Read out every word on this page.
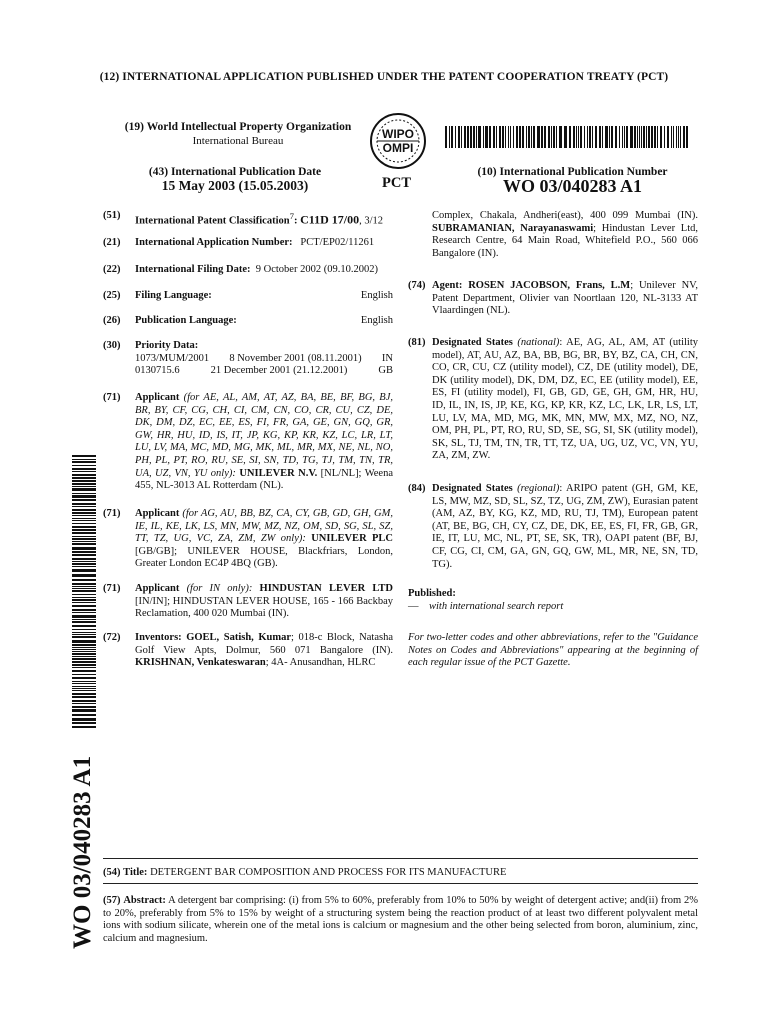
(12) INTERNATIONAL APPLICATION PUBLISHED UNDER THE PATENT COOPERATION TREATY (PCT)
(19) World Intellectual Property Organization
International Bureau	WIPO
OMPI
(43) International Publication Date
15 May 2003 (15.05.2003)	PCT
(10) International Publication Number
WO 03/040283 A1
(51) International Patent Classification$^7$: C11D 17/00, 3/12
(21) International Application Number: PCT/EP02/11261
(22) International Filing Date: 9 October 2002 (09.10.2002)
(25) Filing Language:	English
(26) Publication Language:	English
(30) Priority Data:
1073/MUM/2001 8 November 2001 (08.11.2001) IN
0130715.6	21 December 2001 (21.12.2001)	GB
(71) Applicant (for AE, AL, AM, AT, AZ, BA, BE, BF, BG, BJ, BR, BY, CF, CG, CH, CI, CM, CN, CO, CR, CU, CZ, DE, DK, DM, DZ, EC, EE, ES, FI, FR, GA, GE, GN, GQ, GR, GW, HR, HU, ID, IS, IT, JP, KG, KP, KR, KZ, LC, LR, LT, LU, LV, MA, MC, MD, MG, MK, ML, MR, MX, NE, NL, NO, PH, PL, PT, RO, RU, SE, SI, SN, TD, TG, TJ, TM, TN, TR, UA, UZ, VN, YU only): UNILEVER N.V. [NL/NL]; Weena 455, NL-3013 AL Rotterdam (NL).
(71) Applicant (for AG, AU, BB, BZ, CA, CY, GB, GD, GH, GM, IE, IL, KE, LK, LS, MN, MW, MZ, NZ, OM, SD, SG, SL, SZ, TT, TZ, UG, VC, ZA, ZM, ZW only): UNILEVER PLC [GB/GB]; UNILEVER HOUSE, Blackfriars, London, Greater London EC4P 4BQ (GB).
(71) Applicant (for IN only): HINDUSTAN LEVER LTD [IN/IN]; HINDUSTAN LEVER HOUSE, 165 - 166 Backbay Reclamation, 400 020 Mumbai (IN).
(72) Inventors: GOEL, Satish, Kumar; 018-c Block, Natasha Golf View Apts, Dolmur, 560 071 Bangalore (IN). KRISHNAN, Venkateswaran; 4A- Anusandhan, HLRC
Complex, Chakala, Andheri(east), 400 099 Mumbai (IN). SUBRAMANIAN, Narayanaswami; Hindustan Lever Ltd, Research Centre, 64 Main Road, Whitefield P.O., 560 066 Bangalore (IN).
(74) Agent: ROSEN JACOBSON, Frans, L.M; Unilever NV, Patent Department, Olivier van Noortlaan 120, NL-3133 AT Vlaardingen (NL).
(81) Designated States (national): AE, AG, AL, AM, AT (utility model), AT, AU, AZ, BA, BB, BG, BR, BY, BZ, CA, CH, CN, CO, CR, CU, CZ (utility model), CZ, DE (utility model), DE, DK (utility model), DK, DM, DZ, EC, EE (utility model), EE, ES, FI (utility model), FI, GB, GD, GE, GH, GM, HR, HU, ID, IL, IN, IS, JP, KE, KG, KP, KR, KZ, LC, LK, LR, LS, LT, LU, LV, MA, MD, MG, MK, MN, MW, MX, MZ, NO, NZ, OM, PH, PL, PT, RO, RU, SD, SE, SG, SI, SK (utility model), SK, SL, TJ, TM, TN, TR, TT, TZ, UA, UG, UZ, VC, VN, YU, ZA, ZM, ZW.
(84) Designated States (regional): ARIPO patent (GH, GM, KE, LS, MW, MZ, SD, SL, SZ, TZ, UG, ZM, ZW), Eurasian patent (AM, AZ, BY, KG, KZ, MD, RU, TJ, TM), European patent (AT, BE, BG, CH, CY, CZ, DE, DK, EE, ES, FI, FR, GB, GR, IE, IT, LU, MC, NL, PT, SE, SK, TR), OAPI patent (BF, BJ, CF, CG, CI, CM, GA, GN, GQ, GW, ML, MR, NE, SN, TD, TG).
Published:
— with international search report
For two-letter codes and other abbreviations, refer to the "Guidance Notes on Codes and Abbreviations" appearing at the beginning of each regular issue of the PCT Gazette.
WO 03/040283 A1 (54) Title: DETERGENT BAR COMPOSITION AND PROCESS FOR ITS MANUFACTURE
(57) Abstract: A detergent bar comprising: (i) from 5% to 60%, preferably from 10% to 50% by weight of detergent active; and(ii) from 2% to 20%, preferably from 5% to 15% by weight of a structuring system being the reaction product of at least two different polyvalent metal ions with sodium silicate, wherein one of the metal ions is calcium or magnesium and the other being selected from boron, aluminium, zinc, calcium and magnesium.
